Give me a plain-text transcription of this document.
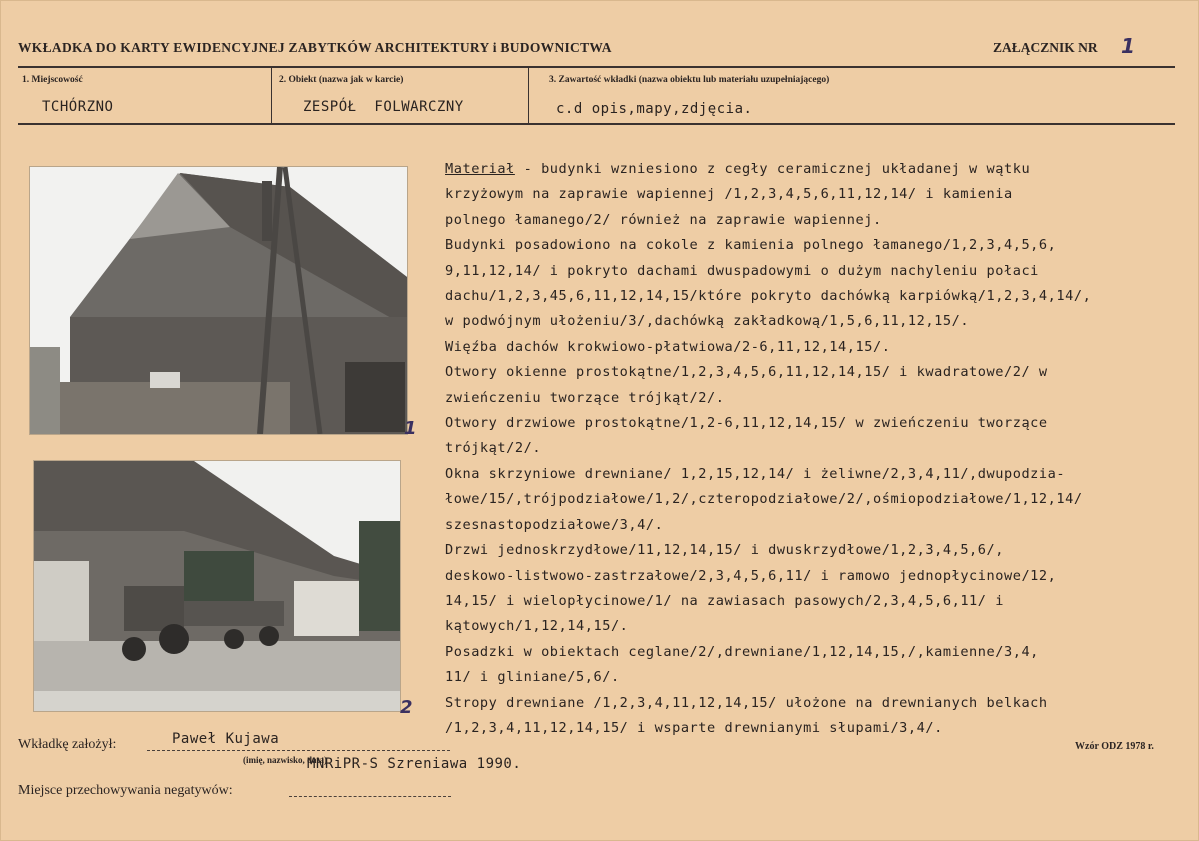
WKŁADKA DO KARTY EWIDENCYJNEJ ZABYTKÓW ARCHITEKTURY i BUDOWNICTWA	ZAŁĄCZNIK NR 1
1. Miejscowość
TCHÓRZNO
2. Obiekt (nazwa jak w karcie)
ZESPÓŁ  FOLWARCZNY
3. Zawartość wkładki (nazwa obiektu lub materiału uzupełniającego)
c.d opis,mapy,zdjęcia.
1
2
Materiał - budynki wzniesiono z cegły ceramicznej układanej w wątku
krzyżowym na zaprawie wapiennej /1,2,3,4,5,6,11,12,14/ i kamienia
polnego łamanego/2/ również na zaprawie wapiennej.
Budynki posadowiono na cokole z kamienia polnego łamanego/1,2,3,4,5,6,
9,11,12,14/ i pokryto dachami dwuspadowymi o dużym nachyleniu połaci
dachu/1,2,3,45,6,11,12,14,15/które pokryto dachówką karpiówką/1,2,3,4,14/,
w podwójnym ułożeniu/3/,dachówką zakładkową/1,5,6,11,12,15/.
Więźba dachów krokwiowo-płatwiowa/2-6,11,12,14,15/.
Otwory okienne prostokątne/1,2,3,4,5,6,11,12,14,15/ i kwadratowe/2/ w
zwieńczeniu tworzące trójkąt/2/.
Otwory drzwiowe prostokątne/1,2-6,11,12,14,15/ w zwieńczeniu tworzące
trójkąt/2/.
Okna skrzyniowe drewniane/ 1,2,15,12,14/ i żeliwne/2,3,4,11/,dwupodzia-
łowe/15/,trójpodziałowe/1,2/,czteropodziałowe/2/,ośmiopodziałowe/1,12,14/
szesnastopodziałowe/3,4/.
Drzwi jednoskrzydłowe/11,12,14,15/ i dwuskrzydłowe/1,2,3,4,5,6/,
deskowo-listwowo-zastrzałowe/2,3,4,5,6,11/ i ramowo jednopłycinowe/12,
14,15/ i wielopłycinowe/1/ na zawiasach pasowych/2,3,4,5,6,11/ i
kątowych/1,12,14,15/.
Posadzki w obiektach ceglane/2/,drewniane/1,12,14,15,/,kamienne/3,4,
11/ i gliniane/5,6/.
Stropy drewniane /1,2,3,4,11,12,14,15/ ułożone na drewnianych belkach
/1,2,3,4,11,12,14,15/ i wsparte drewnianymi słupami/3,4/.
Wkładkę założył:	Paweł Kujawa
(imię, nazwisko, data)
MNRiPR-S Szreniawa 1990.
Wzór ODZ 1978 r.
Miejsce przechowywania negatywów:
